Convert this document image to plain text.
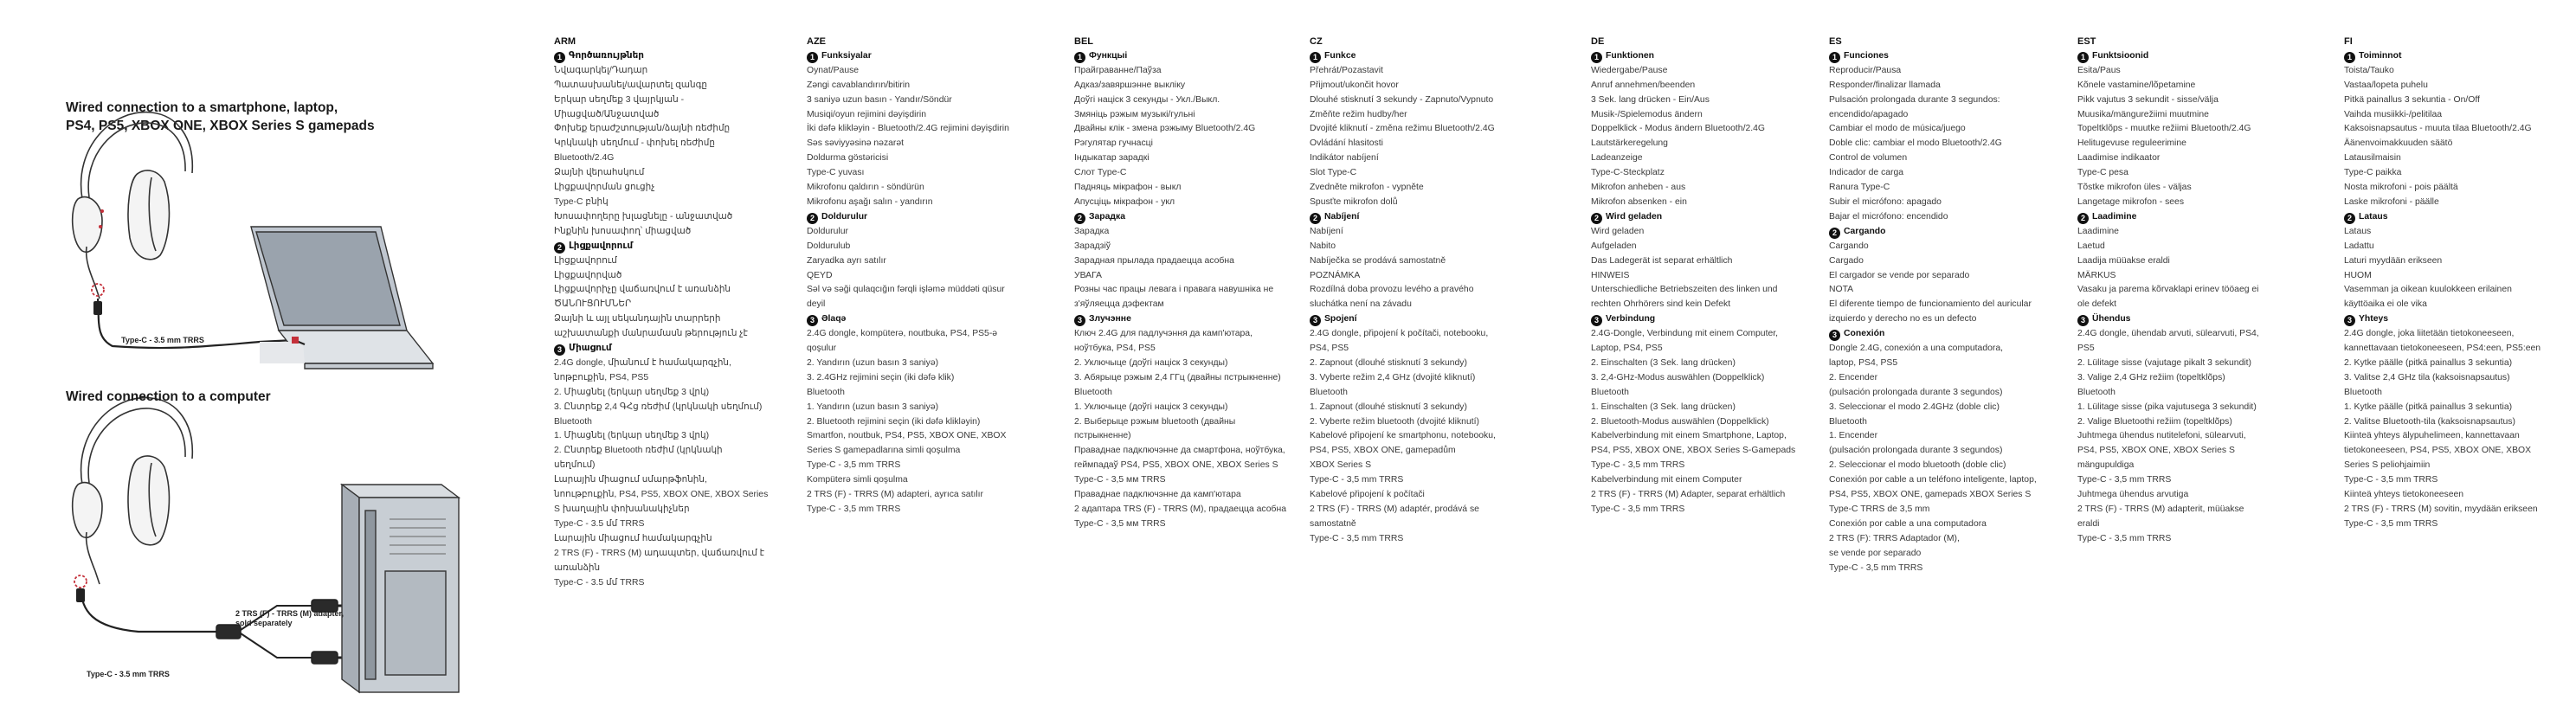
Wired connection to a smartphone, laptop,
PS4, PS5, XBOX ONE, XBOX Series S gamepads
Type-C - 3.5 mm TRRS
Wired connection to a computer
2 TRS (F) - TRRS (M) adapter,
sold separately
Type-C - 3.5 mm TRRS
ARM
1 Գործառույթներ
Նվագարկել/Դադար
Պատասխանել/ավարտել զանգը
Երկար սեղմեք 3 վայրկյան -
Միացված/Անջատված
Փոխեք երաժշտության/ձայնի ռեժիմը
Կրկնակի սեղմում - փոխել ռեժիմը
Bluetooth/2.4G
Ձայնի վերահսկում
Լիցքավորման ցուցիչ
Type-C բնիկ
Խոսափողերը խլացնելը - անջատված
Ինքնին խոսափող՝ միացված
2 Լիցքավորում
Լիցքավորում
Լիցքավորված
Լիցքավորիչը վաճառվում է առանձին
ԾԱՆՈՒՑՈՒՄՆԵՐ
Ձայնի և այլ սեկանդային տարրերի
աշխատանքի մանրամասն թերություն չէ
3 Միացում
2.4G dongle, միանում է համակարգչին,
նոթբուքին, PS4, PS5
2. Միացնել (երկար սեղմեք 3 վրկ)
3. Ընտրեք 2,4 ԳՀց ռեժիմ (կրկնակի սեղմում)
Bluetooth
1. Միացնել (երկար սեղմեք 3 վրկ)
2. Ընտրեք Bluetooth ռեժիմ (կրկնակի
սեղմում)
Լարային միացում սմարթֆոնին,
նոութբուքին, PS4, PS5, XBOX ONE, XBOX Series
S խաղային փոխանակիչներ
Type-C - 3.5 մմ TRRS
Լարային միացում համակարգչին
2 TRS (F) - TRRS (M) ադապտեր, վաճառվում է
առանձին
Type-C - 3.5 մմ TRRS
AZE
1 Funksiyalar
Oynat/Pause
Zəngi cavablandırın/bitirin
3 saniyə uzun basın - Yandır/Söndür
Musiqi/oyun rejimini dəyişdirin
İki dəfə kliklәyin - Bluetooth/2.4G rejimini dəyişdirin
Səs səviyyəsinə nəzarət
Doldurma göstəricisi
Type-C yuvası
Mikrofonu qaldırın - söndürün
Mikrofonu aşağı salın - yandırın
2 Doldurulur
Doldurulur
Doldurulub
Zaryadka ayrı satılır
QEYD
Səl və səği qulaqcığın fərqli işləmə müddəti qüsur
deyil
3 Əlaqə
2.4G dongle, kompüterə, noutbuka, PS4, PS5-ə
qoşulur
2. Yandırın (uzun basın 3 saniyə)
3. 2.4GHz rejimini seçin (iki dəfə klik)
Bluetooth
1. Yandırın (uzun basın 3 saniyə)
2. Bluetooth rejimini seçin (iki dəfə kliklәyin)
Smartfon, noutbuk, PS4, PS5, XBOX ONE, XBOX
Series S gamepadlarına simli qoşulma
Type-C - 3,5 mm TRRS
Kompüterə simli qoşulma
2 TRS (F) - TRRS (M) adapteri, ayrıca satılır
Type-C - 3,5 mm TRRS
BEL
1 Функцыі
Прайграванне/Паўза
Адказ/завяршэнне выкліку
Доўгі націск 3 секунды - Укл./Выкл.
Змяніць рэжым музыкі/гульні
Двайны клік - змена рэжыму Bluetooth/2.4G
Рэгулятар гучнасці
Індыкатар зарадкі
Слот Type-C
Падняць мікрафон - выкл
Апусціць мікрафон - укл
2 Зарадка
Зарадка
Зарадзіў
Зарадная прылада прадаецца асобна
УВАГА
Розны час працы левага і правага навушніка не
з'яўляецца дэфектам
3 Злучэнне
Ключ 2.4G для падлучэння да камп'ютара,
ноўтбука, PS4, PS5
2. Уключыце (доўгі націск 3 секунды)
3. Абярыце рэжым 2,4 ГГц (двайны пстрыкненне)
Bluetooth
1. Уключыце (доўгі націск 3 секунды)
2. Выберыце рэжым bluetooth (двайны
пстрыкненне)
Праваднае падключэнне да смартфона, ноўтбука,
геймпадаў PS4, PS5, XBOX ONE, XBOX Series S
Type-C - 3,5 мм TRRS
Праваднае падключэнне да камп'ютара
2 адаптара TRS (F) - TRRS (M), прадаецца асобна
Type-C - 3,5 мм TRRS
CZ
1 Funkce
Přehrát/Pozastavit
Přijmout/ukončit hovor
Dlouhé stisknutí 3 sekundy - Zapnuto/Vypnuto
Změňte režim hudby/her
Dvojité kliknutí - změna režimu Bluetooth/2.4G
Ovládání hlasitosti
Indikátor nabíjení
Slot Type-C
Zvedněte mikrofon - vypněte
Spusťte mikrofon dolů
2 Nabíjení
Nabíjení
Nabito
Nabíječka se prodává samostatně
POZNÁMKA
Rozdílná doba provozu levého a pravého
sluchátka není na závadu
3 Spojení
2.4G dongle, připojení k počítači, notebooku,
PS4, PS5
2. Zapnout (dlouhé stisknutí 3 sekundy)
3. Vyberte režim 2,4 GHz (dvojité kliknutí)
Bluetooth
1. Zapnout (dlouhé stisknutí 3 sekundy)
2. Vyberte režim bluetooth (dvojité kliknutí)
Kabelové připojení ke smartphonu, notebooku,
PS4, PS5, XBOX ONE, gamepadům
XBOX Series S
Type-C - 3,5 mm TRRS
Kabelové připojení k počítači
2 TRS (F) - TRRS (M) adaptér, prodává se
samostatně
Type-C - 3,5 mm TRRS
DE
1 Funktionen
Wiedergabe/Pause
Anruf annehmen/beenden
3 Sek. lang drücken - Ein/Aus
Musik-/Spielemodus ändern
Doppelklick - Modus ändern Bluetooth/2.4G
Lautstärkeregelung
Ladeanzeige
Type-C-Steckplatz
Mikrofon anheben - aus
Mikrofon absenken - ein
2 Wird geladen
Wird geladen
Aufgeladen
Das Ladegerät ist separat erhältlich
HINWEIS
Unterschiedliche Betriebszeiten des linken und
rechten Ohrhörers sind kein Defekt
3 Verbindung
2.4G-Dongle, Verbindung mit einem Computer,
Laptop, PS4, PS5
2. Einschalten (3 Sek. lang drücken)
3. 2,4-GHz-Modus auswählen (Doppelklick)
Bluetooth
1. Einschalten (3 Sek. lang drücken)
2. Bluetooth-Modus auswählen (Doppelklick)
Kabelverbindung mit einem Smartphone, Laptop,
PS4, PS5, XBOX ONE, XBOX Series S-Gamepads
Type-C - 3,5 mm TRRS
Kabelverbindung mit einem Computer
2 TRS (F) - TRRS (M) Adapter, separat erhältlich
Type-C - 3,5 mm TRRS
ES
1 Funciones
Reproducir/Pausa
Responder/finalizar llamada
Pulsación prolongada durante 3 segundos:
encendido/apagado
Cambiar el modo de música/juego
Doble clic: cambiar el modo Bluetooth/2.4G
Control de volumen
Indicador de carga
Ranura Type-C
Subir el micrófono: apagado
Bajar el micrófono: encendido
2 Cargando
Cargando
Cargado
El cargador se vende por separado
NOTA
El diferente tiempo de funcionamiento del auricular
izquierdo y derecho no es un defecto
3 Conexión
Dongle 2.4G, conexión a una computadora,
laptop, PS4, PS5
2. Encender
(pulsación prolongada durante 3 segundos)
3. Seleccionar el modo 2.4GHz (doble clic)
Bluetooth
1. Encender
(pulsación prolongada durante 3 segundos)
2. Seleccionar el modo bluetooth (doble clic)
Conexión por cable a un teléfono inteligente, laptop,
PS4, PS5, XBOX ONE, gamepads XBOX Series S
Type-C TRRS de 3,5 mm
Conexión por cable a una computadora
2 TRS (F): TRRS Adaptador (M),
se vende por separado
Type-C - 3,5 mm TRRS
EST
1 Funktsioonid
Esita/Paus
Kõnele vastamine/lõpetamine
Pikk vajutus 3 sekundit - sisse/välja
Muusika/mängurežiimi muutmine
Topeltklõps - muutke režiimi Bluetooth/2.4G
Helitugevuse reguleerimine
Laadimise indikaator
Type-C pesa
Tõstke mikrofon üles - väljas
Langetage mikrofon - sees
2 Laadimine
Laadimine
Laetud
Laadija müüakse eraldi
MÄRKUS
Vasaku ja parema kõrvaklapi erinev tööaeg ei
ole defekt
3 Ühendus
2.4G dongle, ühendab arvuti, sülearvuti, PS4,
PS5
2. Lülitage sisse (vajutage pikalt 3 sekundit)
3. Valige 2,4 GHz režiim (topeltklõps)
Bluetooth
1. Lülitage sisse (pika vajutusega 3 sekundit)
2. Valige Bluetoothi režiim (topeltklõps)
Juhtmega ühendus nutitelefoni, sülearvuti,
PS4, PS5, XBOX ONE, XBOX Series S
mängupuldiga
Type-C - 3,5 mm TRRS
Juhtmega ühendus arvutiga
2 TRS (F) - TRRS (M) adapterit, müüakse
eraldi
Type-C - 3,5 mm TRRS
FI
1 Toiminnot
Toista/Tauko
Vastaa/lopeta puhelu
Pitkä painallus 3 sekuntia - On/Off
Vaihda musiikki-/pelitilaa
Kaksoisnapsautus - muuta tilaa Bluetooth/2.4G
Äänenvoimakkuuden säätö
Latausilmaisin
Type-C paikka
Nosta mikrofoni - pois päältä
Laske mikrofoni - päälle
2 Lataus
Lataus
Ladattu
Laturi myydään erikseen
HUOM
Vasemman ja oikean kuulokkeen erilainen
käyttöaika ei ole vika
3 Yhteys
2.4G dongle, joka liitetään tietokoneeseen,
kannettavaan tietokoneeseen, PS4:een, PS5:een
2. Kytke päälle (pitkä painallus 3 sekuntia)
3. Valitse 2,4 GHz tila (kaksoisnapsautus)
Bluetooth
1. Kytke päälle (pitkä painallus 3 sekuntia)
2. Valitse Bluetooth-tila (kaksoisnapsautus)
Kiinteä yhteys älypuhelimeen, kannettavaan
tietokoneeseen, PS4, PS5, XBOX ONE, XBOX
Series S peliohjaimiin
Type-C - 3,5 mm TRRS
Kiinteä yhteys tietokoneeseen
2 TRS (F) - TRRS (M) sovitin, myydään erikseen
Type-C - 3,5 mm TRRS
